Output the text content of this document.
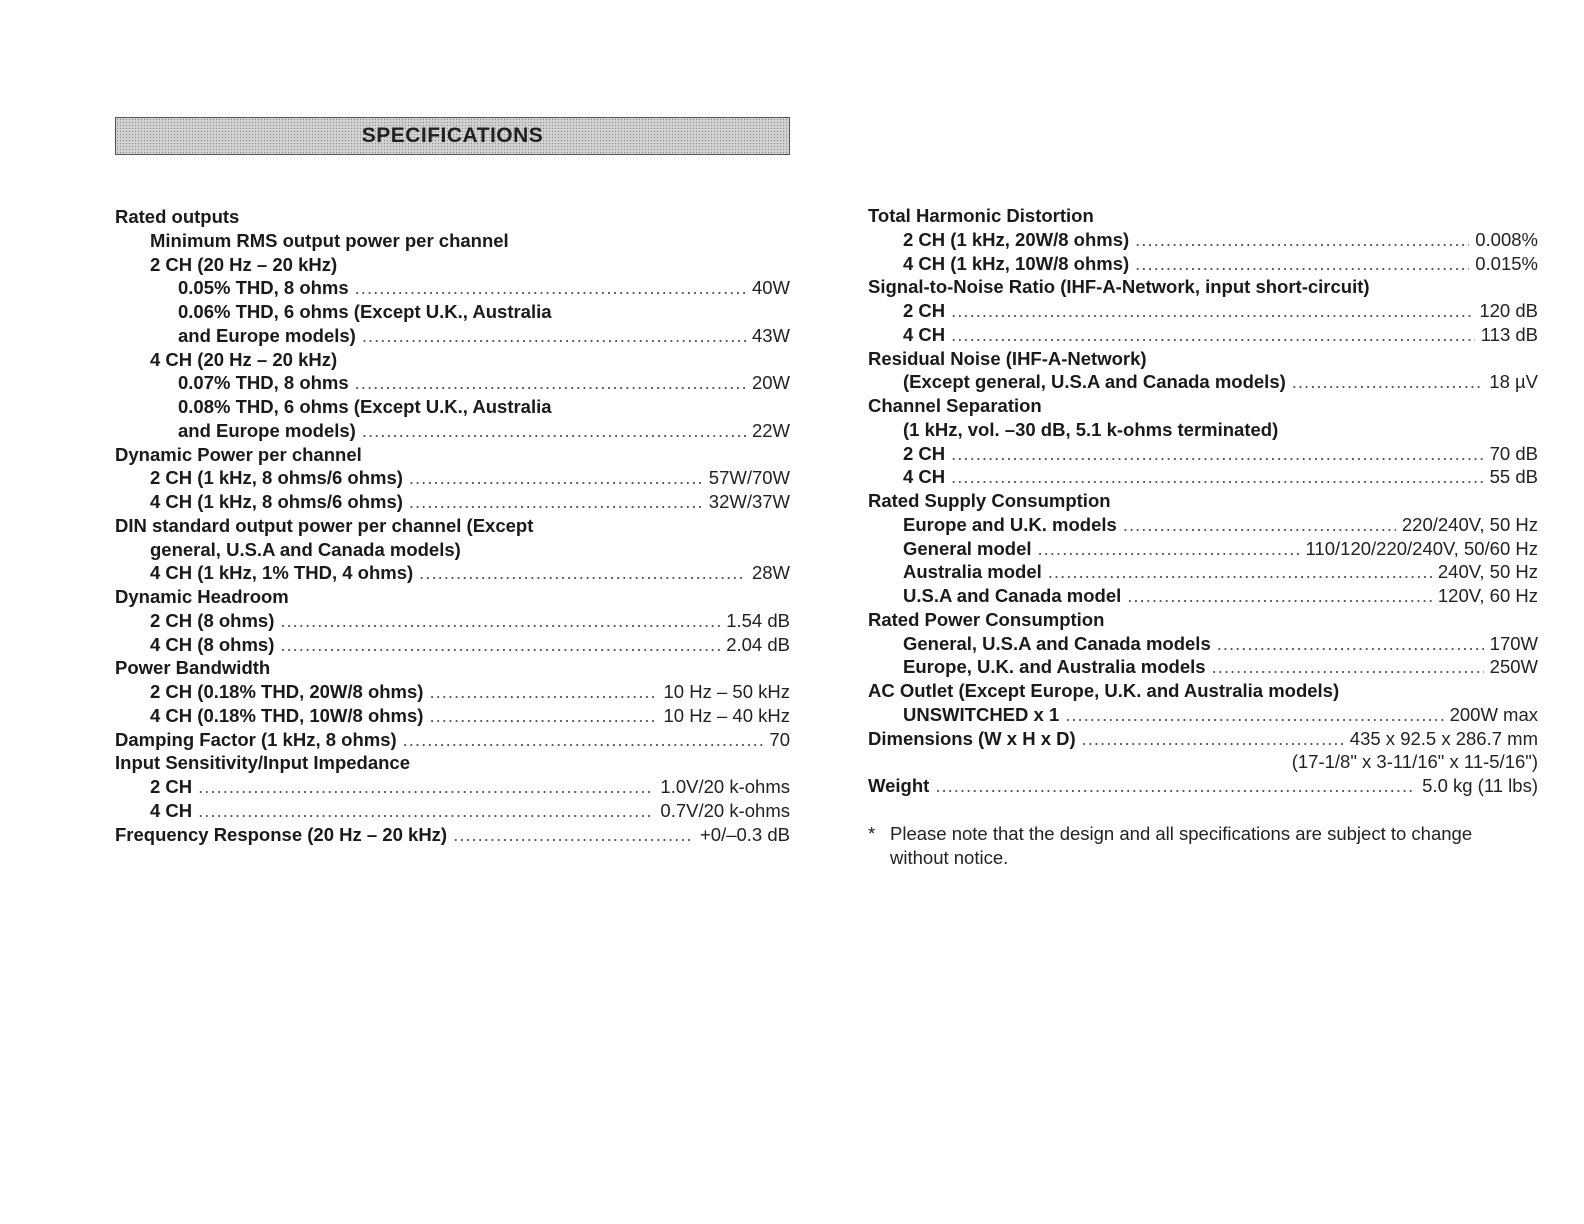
SPECIFICATIONS
Rated outputs
Minimum RMS output power per channel
2 CH (20 Hz – 20 kHz)
0.05% THD, 8 ohms .....	40W
0.06% THD, 6 ohms (Except U.K., Australia
and Europe models) .....	43W
4 CH (20 Hz – 20 kHz)
0.07% THD, 8 ohms .....	20W
0.08% THD, 6 ohms (Except U.K., Australia
and Europe models) .....	22W
Dynamic Power per channel
2 CH (1 kHz, 8 ohms/6 ohms) .....	57W/70W
4 CH (1 kHz, 8 ohms/6 ohms) .....	32W/37W
DIN standard output power per channel (Except
general, U.S.A and Canada models)
4 CH (1 kHz, 1% THD, 4 ohms) .....	28W
Dynamic Headroom
2 CH (8 ohms) .....	1.54 dB
4 CH (8 ohms) .....	2.04 dB
Power Bandwidth
2 CH (0.18% THD, 20W/8 ohms) .....	10 Hz – 50 kHz
4 CH (0.18% THD, 10W/8 ohms) .....	10 Hz – 40 kHz
Damping Factor (1 kHz, 8 ohms) .....	70
Input Sensitivity/Input Impedance
2 CH .....	1.0V/20 k-ohms
4 CH .....	0.7V/20 k-ohms
Frequency Response (20 Hz – 20 kHz) .....	+0/–0.3 dB
Total Harmonic Distortion
2 CH (1 kHz, 20W/8 ohms) .....	0.008%
4 CH (1 kHz, 10W/8 ohms) .....	0.015%
Signal-to-Noise Ratio (IHF-A-Network, input short-circuit)
2 CH .....	120 dB
4 CH .....	113 dB
Residual Noise (IHF-A-Network)
(Except general, U.S.A and Canada models) .....	18 µV
Channel Separation
(1 kHz, vol. –30 dB, 5.1 k-ohms terminated)
2 CH .....	70 dB
4 CH .....	55 dB
Rated Supply Consumption
Europe and U.K. models .....	220/240V, 50 Hz
General model .....	110/120/220/240V, 50/60 Hz
Australia model .....	240V, 50 Hz
U.S.A and Canada model .....	120V, 60 Hz
Rated Power Consumption
General, U.S.A and Canada models .....	170W
Europe, U.K. and Australia models .....	250W
AC Outlet (Except Europe, U.K. and Australia models)
UNSWITCHED x 1 .....	200W max
Dimensions (W x H x D) .....	435 x 92.5 x 286.7 mm
(17-1/8" x 3-11/16" x 11-5/16")
Weight .....	5.0 kg (11 lbs)
* Please note that the design and all specifications are subject to change without notice.
